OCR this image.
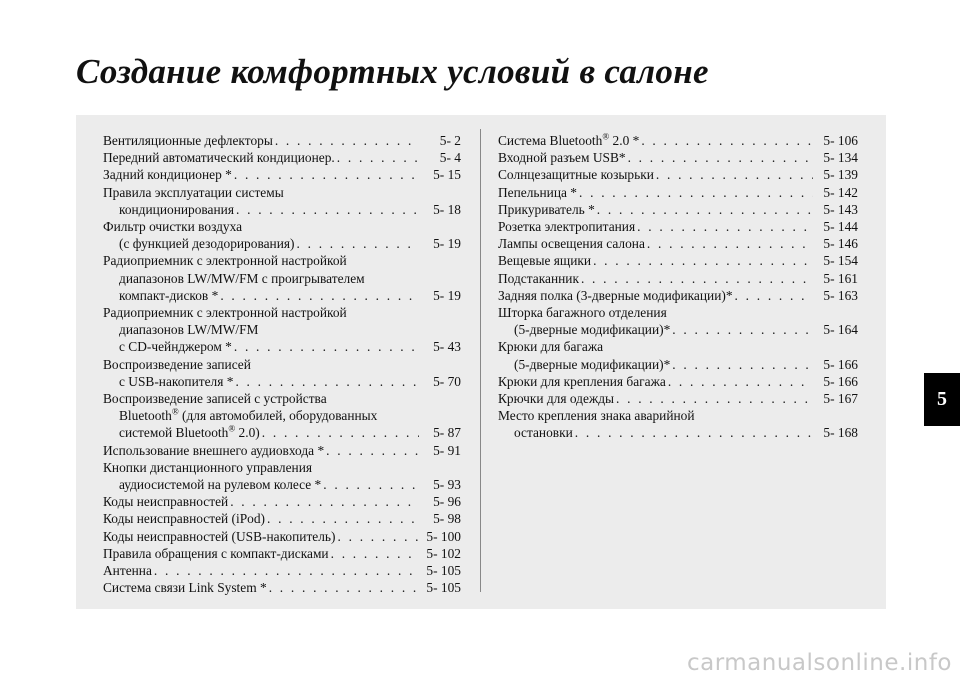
Создание комфортных условий в салоне
Вентиляционные дефлекторы . . .	5- 2
Передний автоматический кондиционер. . . .	5- 4
Задний кондиционер * . . .	5- 15
Правила эксплуатации системы
кондиционирования . . .	5- 18
Фильтр очистки воздуха
(с функцией дезодорирования) . . .	5- 19
Радиоприемник с электронной настройкой
диапазонов LW/MW/FM с проигрывателем
компакт-дисков * . . .	5- 19
Радиоприемник с электронной настройкой
диапазонов LW/MW/FM
с CD-чейнджером * . . .	5- 43
Воспроизведение записей
с USB-накопителя * . . .	5- 70
Воспроизведение записей с устройства
Bluetooth® (для автомобилей, оборудованных
системой Bluetooth® 2.0) . . .	5- 87
Использование внешнего аудиовхода * . . .	5- 91
Кнопки дистанционного управления
аудиосистемой на рулевом колесе * . . .	5- 93
Коды неисправностей . . .	5- 96
Коды неисправностей (iPod) . . .	5- 98
Коды неисправностей (USB-накопитель) . . .	5- 100
Правила обращения с компакт-дисками . . .	5- 102
Антенна . . .	5- 105
Система связи Link System * . . .	5- 105
Система Bluetooth® 2.0 * . . .	5- 106
Входной разъем USB* . . .	5- 134
Солнцезащитные козырьки . . .	5- 139
Пепельница * . . .	5- 142
Прикуриватель * . . .	5- 143
Розетка электропитания . . .	5- 144
Лампы освещения салона . . .	5- 146
Вещевые ящики . . .	5- 154
Подстаканник . . .	5- 161
Задняя полка (3-дверные модификации)* . . .	5- 163
Шторка багажного отделения
(5-дверные модификации)* . . .	5- 164
Крюки для багажа
(5-дверные модификации)* . . .	5- 166
Крюки для крепления багажа . . .	5- 166
Крючки для одежды . . .	5- 167
Место крепления знака аварийной
остановки . . .	5- 168
5
carmanualsonline.info
